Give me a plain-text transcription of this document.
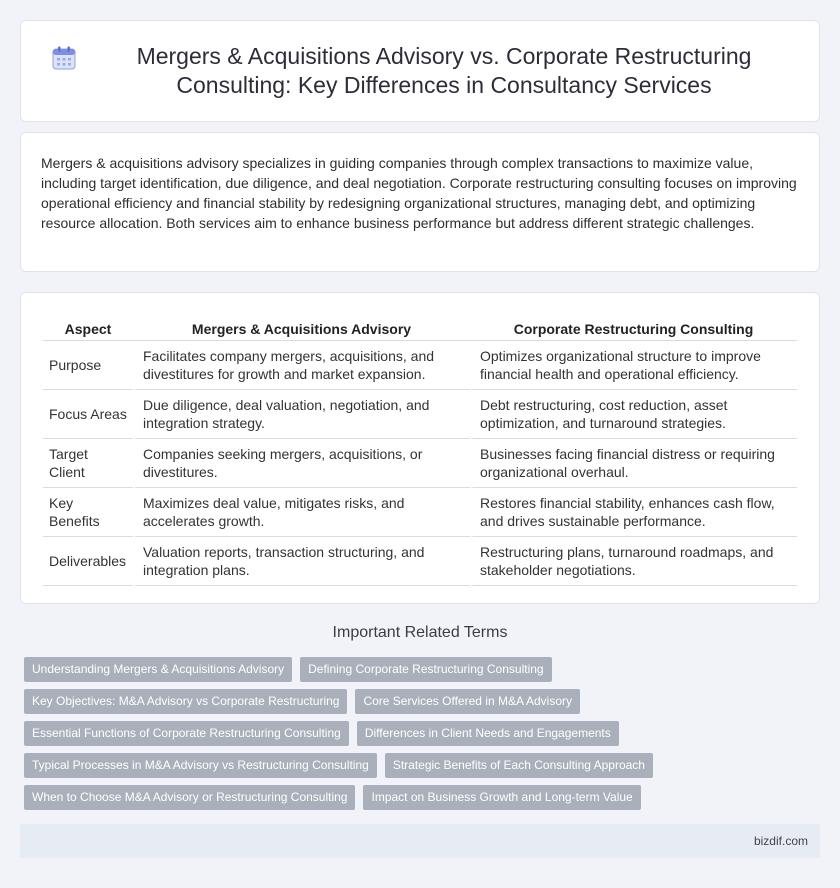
Mergers & Acquisitions Advisory vs. Corporate Restructuring Consulting: Key Differences in Consultancy Services

Mergers & acquisitions advisory specializes in guiding companies through complex transactions to maximize value, including target identification, due diligence, and deal negotiation. Corporate restructuring consulting focuses on improving operational efficiency and financial stability by redesigning organizational structures, managing debt, and optimizing resource allocation. Both services aim to enhance business performance but address different strategic challenges.

Aspect	Mergers & Acquisitions Advisory	Corporate Restructuring Consulting
Purpose	Facilitates company mergers, acquisitions, and divestitures for growth and market expansion.	Optimizes organizational structure to improve financial health and operational efficiency.
Focus Areas	Due diligence, deal valuation, negotiation, and integration strategy.	Debt restructuring, cost reduction, asset optimization, and turnaround strategies.
Target Client	Companies seeking mergers, acquisitions, or divestitures.	Businesses facing financial distress or requiring organizational overhaul.
Key Benefits	Maximizes deal value, mitigates risks, and accelerates growth.	Restores financial stability, enhances cash flow, and drives sustainable performance.
Deliverables	Valuation reports, transaction structuring, and integration plans.	Restructuring plans, turnaround roadmaps, and stakeholder negotiations.
Important Related Terms
Understanding Mergers & Acquisitions Advisory	Defining Corporate Restructuring Consulting
Key Objectives: M&A Advisory vs Corporate Restructuring	Core Services Offered in M&A Advisory
Essential Functions of Corporate Restructuring Consulting	Differences in Client Needs and Engagements
Typical Processes in M&A Advisory vs Restructuring Consulting	Strategic Benefits of Each Consulting Approach
When to Choose M&A Advisory or Restructuring Consulting	Impact on Business Growth and Long-term Value
bizdif.com
